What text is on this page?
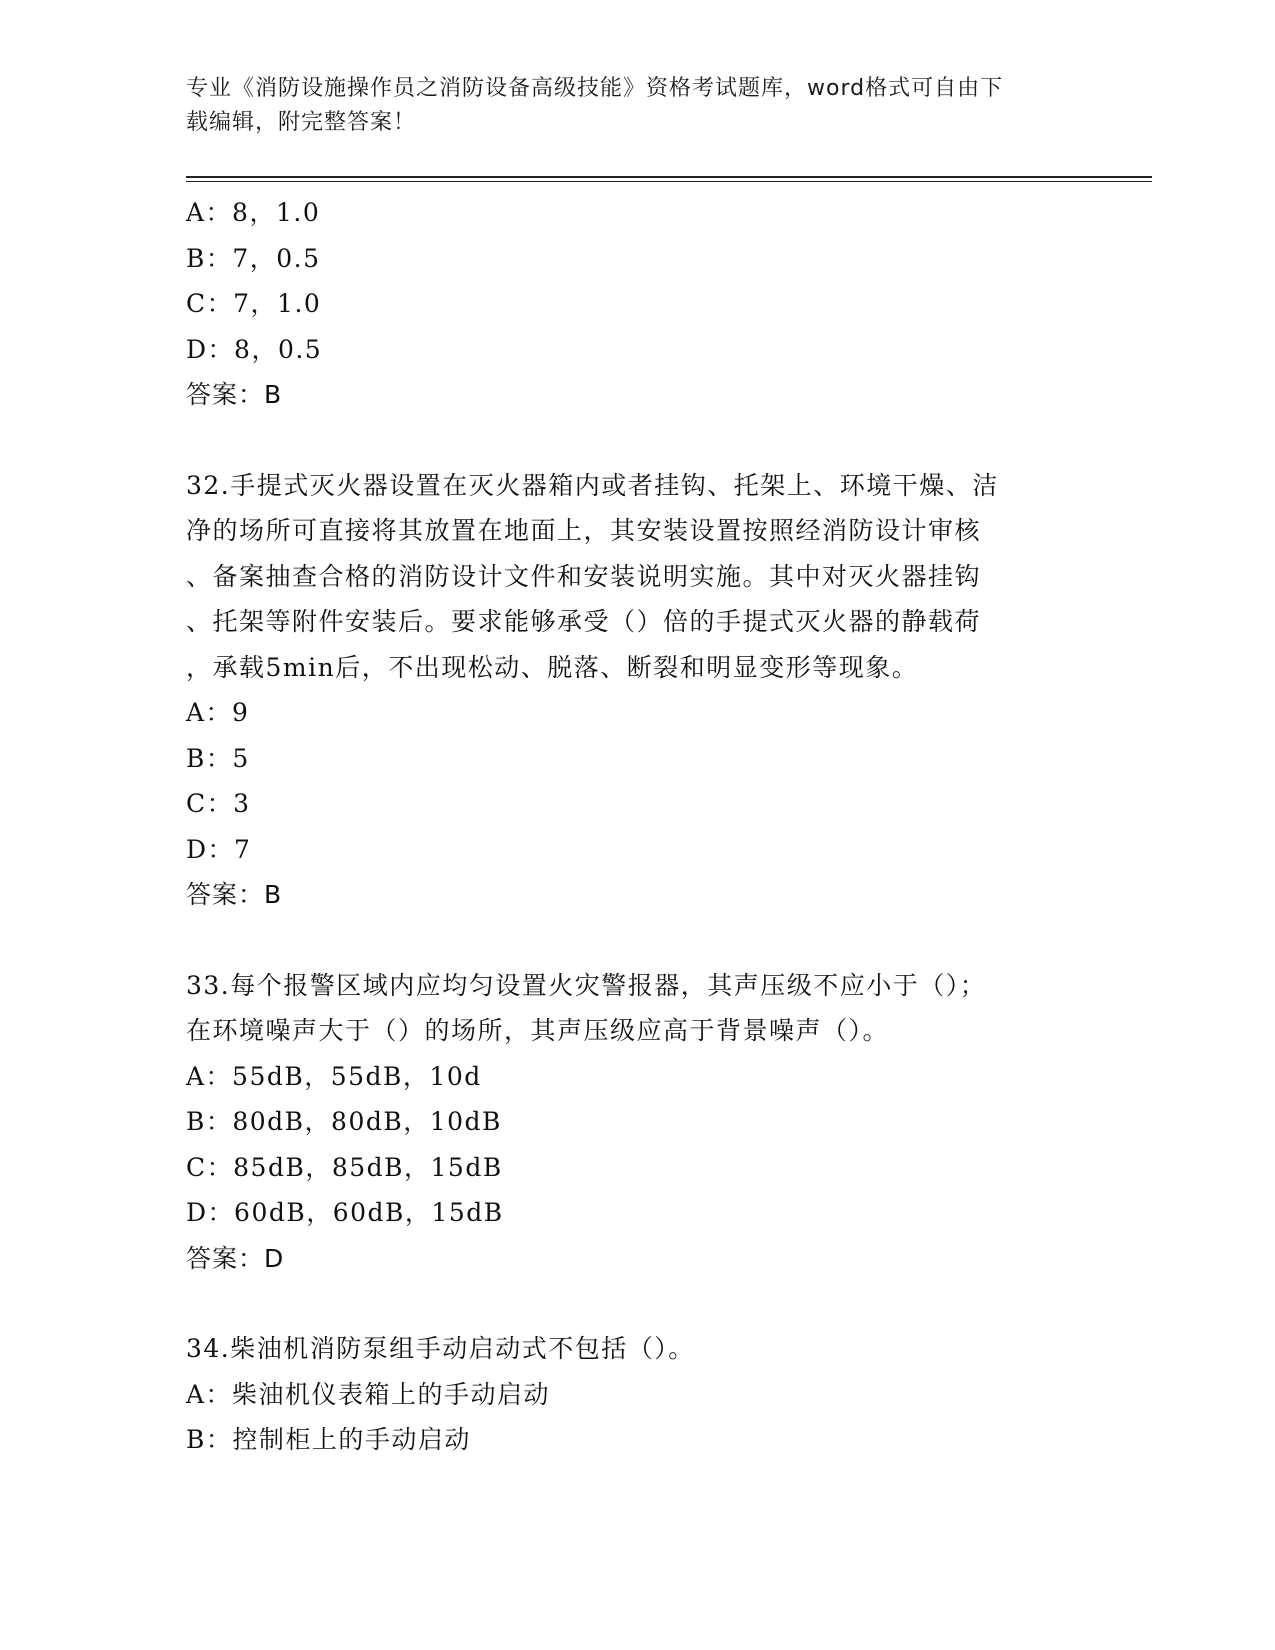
专业《消防设施操作员之消防设备高级技能》资格考试题库，word格式可自由下
载编辑，附完整答案！
A：8，1.0
B：7，0.5
C：7，1.0
D：8，0.5
答案：B
32.手提式灭火器设置在灭火器箱内或者挂钩、托架上、环境干燥、洁
净的场所可直接将其放置在地面上，其安装设置按照经消防设计审核
、备案抽查合格的消防设计文件和安装说明实施。其中对灭火器挂钩
、托架等附件安装后。要求能够承受（）倍的手提式灭火器的静载荷
，承载5min后，不出现松动、脱落、断裂和明显变形等现象。
A：9
B：5
C：3
D：7
答案：B
33.每个报警区域内应均匀设置火灾警报器，其声压级不应小于（）；
在环境噪声大于（）的场所，其声压级应高于背景噪声（）。
A：55dB，55dB，10d
B：80dB，80dB，10dB
C：85dB，85dB，15dB
D：60dB，60dB，15dB
答案：D
34.柴油机消防泵组手动启动式不包括（）。
A：柴油机仪表箱上的手动启动
B：控制柜上的手动启动
